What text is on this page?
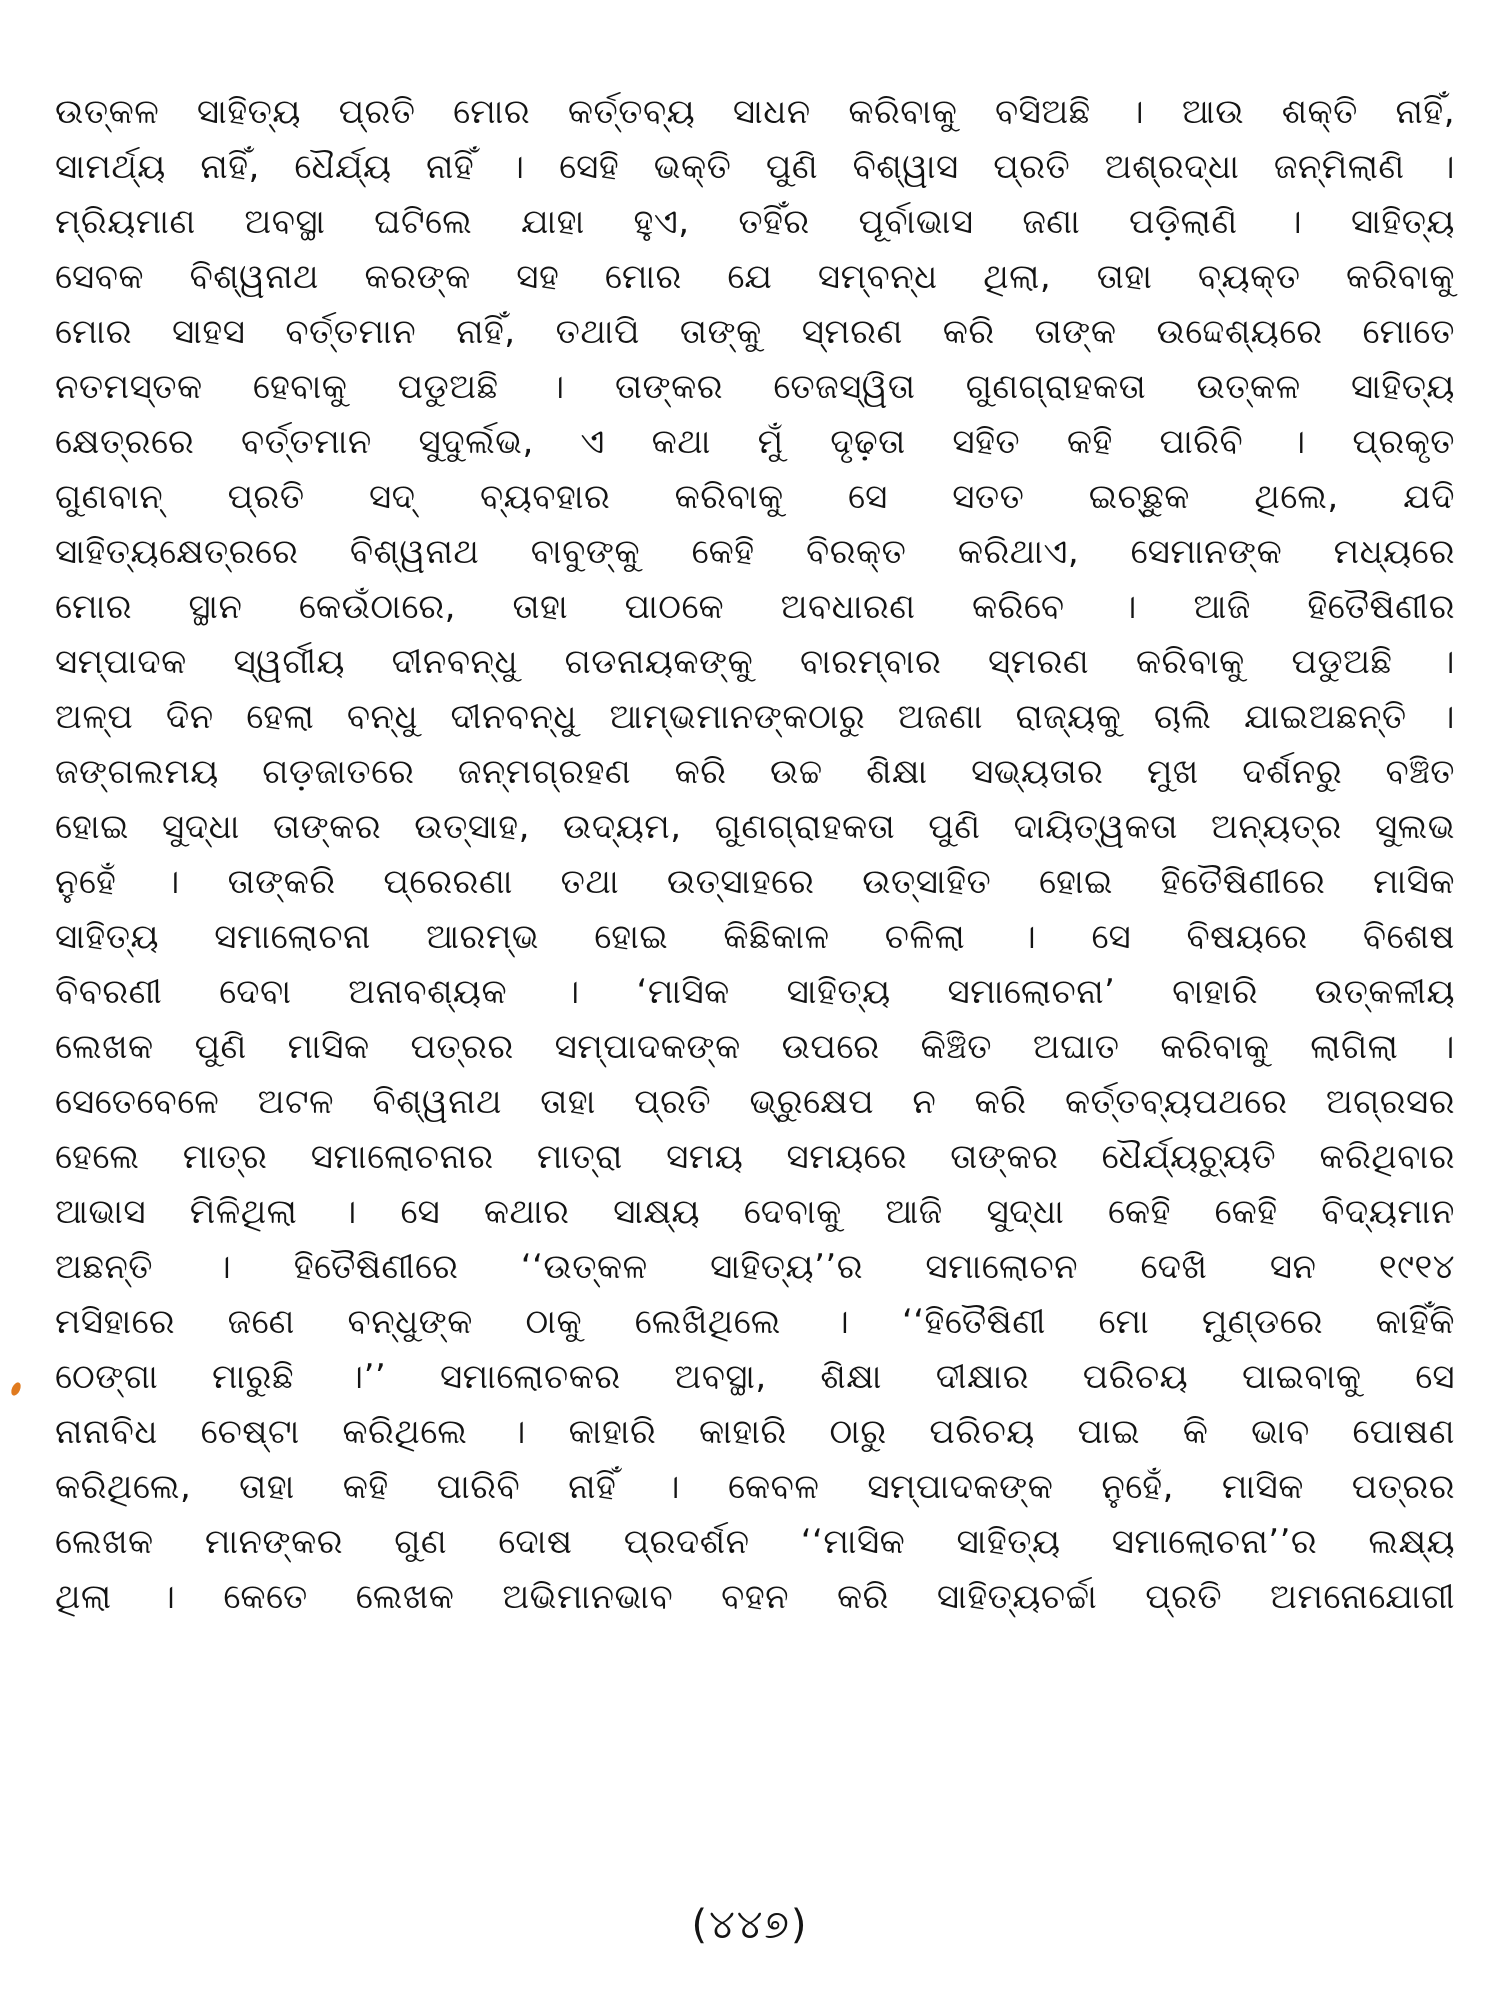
ଉତ୍କଳ ସାହିତ୍ୟ ପ୍ରତି ମୋର କର୍ତ୍ତବ୍ୟ ସାଧନ କରିବାକୁ ବସିଅଛି । ଆଉ ଶକ୍ତି ନାହିଁ,
ସାମର୍ଥ୍ୟ ନାହିଁ, ଧୈର୍ଯ୍ୟ ନାହିଁ । ସେହି ଭକ୍ତି ପୁଣି ବିଶ୍ୱାସ ପ୍ରତି ଅଶ୍ରଦ୍ଧା ଜନ୍ମିଲାଣି ।
ମ୍ରିୟମାଣ ଅବସ୍ଥା ଘଟିଲେ ଯାହା ହୁଏ, ତହିଁର ପୂର୍ବାଭାସ ଜଣା ପଡ଼ିଲାଣି । ସାହିତ୍ୟ
ସେବକ ବିଶ୍ୱନାଥ କରଙ୍କ ସହ ମୋର ଯେ ସମ୍ବନ୍ଧ ଥିଲା, ତାହା ବ୍ୟକ୍ତ କରିବାକୁ
ମୋର ସାହସ ବର୍ତ୍ତମାନ ନାହିଁ, ତଥାପି ତାଙ୍କୁ ସ୍ମରଣ କରି ତାଙ୍କ ଉଦ୍ଦେଶ୍ୟରେ ମୋତେ
ନତମସ୍ତକ ହେବାକୁ ପଡୁଅଛି । ତାଙ୍କର ତେଜସ୍ୱିତା ଗୁଣଗ୍ରାହକତା ଉତ୍କଳ ସାହିତ୍ୟ
କ୍ଷେତ୍ରରେ ବର୍ତ୍ତମାନ ସୁଦୁର୍ଲଭ, ଏ କଥା ମୁଁ ଦୃଢ଼ତା ସହିତ କହି ପାରିବି । ପ୍ରକୃତ
ଗୁଣବାନ୍ ପ୍ରତି ସଦ୍ ବ୍ୟବହାର କରିବାକୁ ସେ ସତତ ଇଚ୍ଛୁକ ଥିଲେ, ଯଦି
ସାହିତ୍ୟକ୍ଷେତ୍ରରେ ବିଶ୍ୱନାଥ ବାବୁଙ୍କୁ କେହି ବିରକ୍ତ କରିଥାଏ, ସେମାନଙ୍କ ମଧ୍ୟରେ
ମୋର ସ୍ଥାନ କେଉଁଠାରେ, ତାହା ପାଠକେ ଅବଧାରଣ କରିବେ । ଆଜି ହିତୈଷିଣୀର
ସମ୍ପାଦକ ସ୍ୱର୍ଗୀୟ ଦୀନବନ୍ଧୁ ଗଡନାୟକଙ୍କୁ ବାରମ୍ବାର ସ୍ମରଣ କରିବାକୁ ପଡୁଅଛି ।
ଅଳ୍ପ ଦିନ ହେଲା ବନ୍ଧୁ ଦୀନବନ୍ଧୁ ଆମ୍ଭମାନଙ୍କଠାରୁ ଅଜଣା ରାଜ୍ୟକୁ ଚାଲି ଯାଇଅଛନ୍ତି ।
ଜଙ୍ଗଲମୟ ଗଡ଼ଜାତରେ ଜନ୍ମଗ୍ରହଣ କରି ଉଚ୍ଚ ଶିକ୍ଷା ସଭ୍ୟତାର ମୁଖ ଦର୍ଶନରୁ ବଞ୍ଚିତ
ହୋଇ ସୁଦ୍ଧା ତାଙ୍କର ଉତ୍ସାହ, ଉଦ୍ୟମ, ଗୁଣଗ୍ରାହକତା ପୁଣି ଦାୟିତ୍ୱକତା ଅନ୍ୟତ୍ର ସୁଲଭ
ନୁହେଁ । ତାଙ୍କରି ପ୍ରେରଣା ତଥା ଉତ୍ସାହରେ ଉତ୍ସାହିତ ହୋଇ ହିତୈଷିଣୀରେ ମାସିକ
ସାହିତ୍ୟ ସମାଲୋଚନା ଆରମ୍ଭ ହୋଇ କିଛିକାଳ ଚଳିଲା । ସେ ବିଷୟରେ ବିଶେଷ
ବିବରଣୀ ଦେବା ଅନାବଶ୍ୟକ । ‘ମାସିକ ସାହିତ୍ୟ ସମାଲୋଚନା’ ବାହାରି ଉତ୍କଳୀୟ
ଲେଖକ ପୁଣି ମାସିକ ପତ୍ରର ସମ୍ପାଦକଙ୍କ ଉପରେ କିଞ୍ଚିତ ଅଘାତ କରିବାକୁ ଲାଗିଲା ।
ସେତେବେଳେ ଅଟଳ ବିଶ୍ୱନାଥ ତାହା ପ୍ରତି ଭ୍ରୁକ୍ଷେପ ନ କରି କର୍ତ୍ତବ୍ୟପଥରେ ଅଗ୍ରସର
ହେଲେ ମାତ୍ର ସମାଲୋଚନାର ମାତ୍ରା ସମୟ ସମୟରେ ତାଙ୍କର ଧୈର୍ଯ୍ୟଚ୍ୟୁତି କରିଥିବାର
ଆଭାସ ମିଳିଥିଲା । ସେ କଥାର ସାକ୍ଷ୍ୟ ଦେବାକୁ ଆଜି ସୁଦ୍ଧା କେହି କେହି ବିଦ୍ୟମାନ
ଅଛନ୍ତି । ହିତୈଷିଣୀରେ ‘‘ଉତ୍କଳ ସାହିତ୍ୟ’’ର ସମାଲୋଚନ ଦେଖି ସନ ୧୯୧୪
ମସିହାରେ ଜଣେ ବନ୍ଧୁଙ୍କ ଠାକୁ ଲେଖିଥିଲେ । ‘‘ହିତୈଷିଣୀ ମୋ ମୁଣ୍ଡରେ କାହିଁକି
ଠେଙ୍ଗା ମାରୁଛି ।’’ ସମାଲୋଚକର ଅବସ୍ଥା, ଶିକ୍ଷା ଦୀକ୍ଷାର ପରିଚୟ ପାଇବାକୁ ସେ
ନାନାବିଧ ଚେଷ୍ଟା କରିଥିଲେ । କାହାରି କାହାରି ଠାରୁ ପରିଚୟ ପାଇ କି ଭାବ ପୋଷଣ
କରିଥିଲେ, ତାହା କହି ପାରିବି ନାହିଁ । କେବଳ ସମ୍ପାଦକଙ୍କ ନୁହେଁ, ମାସିକ ପତ୍ରର
ଲେଖକ ମାନଙ୍କର ଗୁଣ ଦୋଷ ପ୍ରଦର୍ଶନ ‘‘ମାସିକ ସାହିତ୍ୟ ସମାଲୋଚନା’’ର ଲକ୍ଷ୍ୟ
ଥିଲା । କେତେ ଲେଖକ ଅଭିମାନଭାବ ବହନ କରି ସାହିତ୍ୟଚର୍ଚ୍ଚା ପ୍ରତି ଅମନୋଯୋଗୀ
(୪୪୭)
